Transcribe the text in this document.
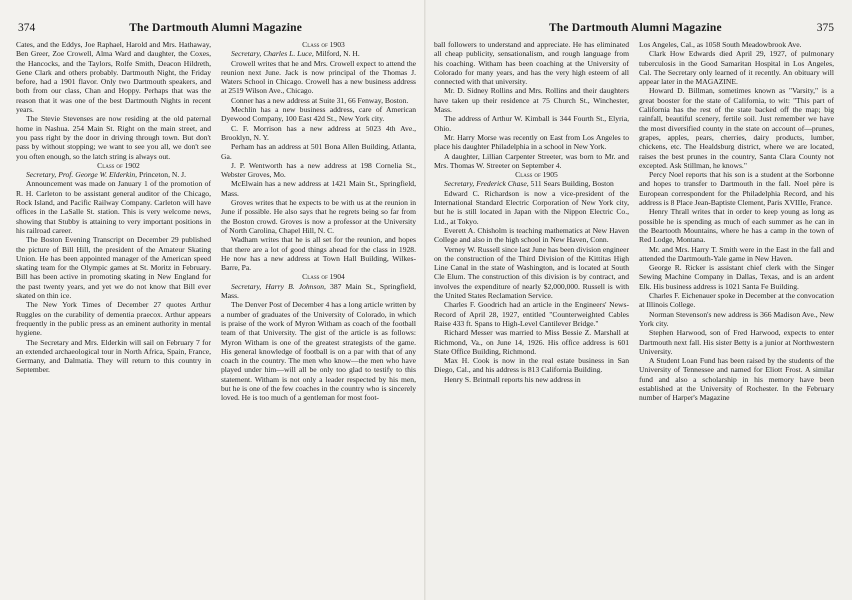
374	The Dartmouth Alumni Magazine

Cates, and the Eddys, Joe Raphael, Harold and Mrs. Hathaway, Ben Greer, Zoe Crowell, Alma Ward and daughter, the Coxes, the Hancocks, and the Taylors, Rolfe Smith, Deacon Hildreth, Gene Clark and others probably. Dartmouth Night, the Friday before, had a 1901 flavor. Only two Dartmouth speakers, and both from our class, Chan and Hoppy. Perhaps that was the reason that it was one of the best Dartmouth Nights in recent years.

The Stevie Stevenses are now residing at the old paternal home in Nashua. 254 Main St. Right on the main street, and you pass right by the door in driving through town. But don't pass by without stopping; we want to see you all, we don't see you often enough, so the latch string is always out.

Class of 1902

Secretary, Prof. George W. Elderkin, Princeton, N. J.

Announcement was made on January 1 of the promotion of R. H. Carleton to be assistant general auditor of the Chicago, Rock Island, and Pacific Railway Company. Carleton will have offices in the LaSalle St. station. This is very welcome news, showing that Stubby is attaining to very important positions in his railroad career.

The Boston Evening Transcript on December 29 published the picture of Bill Hill, the president of the Amateur Skating Union. He has been appointed manager of the American speed skating team for the Olympic games at St. Moritz in February. Bill has been active in promoting skating in New England for the past twenty years, and yet we do not know that Bill ever skated on thin ice.

The New York Times of December 27 quotes Arthur Ruggles on the curability of dementia praecox. Arthur appears frequently in the public press as an eminent authority in mental hygiene.

The Secretary and Mrs. Elderkin will sail on February 7 for an extended archaeological tour in North Africa, Spain, France, Germany, and Dalmatia. They will return to this country in September.

Class of 1903

Secretary, Charles L. Luce, Milford, N. H.

Crowell writes that he and Mrs. Crowell expect to attend the reunion next June. Jack is now principal of the Thomas J. Waters School in Chicago. Crowell has a new business address at 2519 Wilson Ave., Chicago.

Conner has a new address at Suite 31, 66 Fenway, Boston.

Mechlin has a new business address, care of American Dyewood Company, 100 East 42d St., New York city.

C. F. Morrison has a new address at 5023 4th Ave., Brooklyn, N. Y.

Perham has an address at 501 Bona Allen Building, Atlanta, Ga.

J. P. Wentworth has a new address at 198 Cornelia St., Webster Groves, Mo.

McElwain has a new address at 1421 Main St., Springfield, Mass.

Groves writes that he expects to be with us at the reunion in June if possible. He also says that he regrets being so far from the Boston crowd. Groves is now a professor at the University of North Carolina, Chapel Hill, N. C.

Wadham writes that he is all set for the reunion, and hopes that there are a lot of good things ahead for the class in 1928. He now has a new address at Town Hall Building, Wilkes-Barre, Pa.

Class of 1904

Secretary, Harry B. Johnson, 387 Main St., Springfield, Mass.

The Denver Post of December 4 has a long article written by a number of graduates of the University of Colorado, in which is praise of the work of Myron Witham as coach of the football team of that University. The gist of the article is as follows: Myron Witham is one of the greatest strategists of the game. His general knowledge of football is on a par with that of any coach in the country. The men who know—the men who have played under him—will all be only too glad to testify to this statement. Witham is not only a leader respected by his men, but he is one of the few coaches in the country who is sincerely loved. He is too much of a gentleman for most foot-

The Dartmouth Alumni Magazine	375

ball followers to understand and appreciate. He has eliminated all cheap publicity, sensationalism, and rough language from his coaching. Witham has been coaching at the University of Colorado for many years, and has the very high esteem of all connected with that university.

Mr. D. Sidney Rollins and Mrs. Rollins and their daughters have taken up their residence at 75 Church St., Winchester, Mass.

The address of Arthur W. Kimball is 344 Fourth St., Elyria, Ohio.

Mr. Harry Morse was recently on East from Los Angeles to place his daughter Philadelphia in a school in New York.

A daughter, Lillian Carpenter Streeter, was born to Mr. and Mrs. Thomas W. Streeter on September 4.

Class of 1905

Secretary, Frederick Chase, 511 Sears Building, Boston

Edward C. Richardson is now a vice-president of the International Standard Electric Corporation of New York city, but he is still located in Japan with the Nippon Electric Co., Ltd., at Tokyo.

Everett A. Chisholm is teaching mathematics at New Haven College and also in the high school in New Haven, Conn.

Verney W. Russell since last June has been division engineer on the construction of the Third Division of the Kittitas High Line Canal in the state of Washington, and is located at South Cle Elum. The construction of this division is by contract, and involves the expenditure of nearly $2,000,000. Russell is with the United States Reclamation Service.

Charles F. Goodrich had an article in the Engineers' News-Record of April 28, 1927, entitled "Counterweighted Cables Raise 433 ft. Spans to High-Level Cantilever Bridge."

Richard Messer was married to Miss Bessie Z. Marshall at Richmond, Va., on June 14, 1926. His office address is 601 State Office Building, Richmond.

Max H. Cook is now in the real estate business in San Diego, Cal., and his address is 813 California Building.

Henry S. Brintnall reports his new address in

Los Angeles, Cal., as 1058 South Meadowbrook Ave.

Clark How Edwards died April 29, 1927, of pulmonary tuberculosis in the Good Samaritan Hospital in Los Angeles, Cal. The Secretary only learned of it recently. An obituary will appear later in the MAGAZINE.

Howard D. Billman, sometimes known as "Varsity," is a great booster for the state of California, to wit: "This part of California has the rest of the state backed off the map; big rainfall, beautiful scenery, fertile soil. Just remember we have the most diversified county in the state on account of—prunes, grapes, apples, pears, cherries, dairy products, lumber, chickens, etc. The Healdsburg district, where we are located, raises the best prunes in the country, Santa Clara County not excepted. Ask Stillman, he knows."

Percy Noel reports that his son is a student at the Sorbonne and hopes to transfer to Dartmouth in the fall. Noel père is European correspondent for the Philadelphia Record, and his address is 8 Place Jean-Baptiste Clement, Paris XVIIIe, France.

Henry Thrall writes that in order to keep young as long as possible he is spending as much of each summer as he can in the Beartooth Mountains, where he has a camp in the town of Red Lodge, Montana.

Mr. and Mrs. Harry T. Smith were in the East in the fall and attended the Dartmouth-Yale game in New Haven.

George R. Ricker is assistant chief clerk with the Singer Sewing Machine Company in Dallas, Texas, and is an ardent Elk. His business address is 1021 Santa Fe Building.

Charles F. Eichenauer spoke in December at the convocation at Illinois College.

Norman Stevenson's new address is 366 Madison Ave., New York city.

Stephen Harwood, son of Fred Harwood, expects to enter Dartmouth next fall. His sister Betty is a junior at Northwestern University.

A Student Loan Fund has been raised by the students of the University of Tennessee and named for Eliott Frost. A similar fund and also a scholarship in his memory have been established at the University of Rochester. In the February number of Harper's Magazine
